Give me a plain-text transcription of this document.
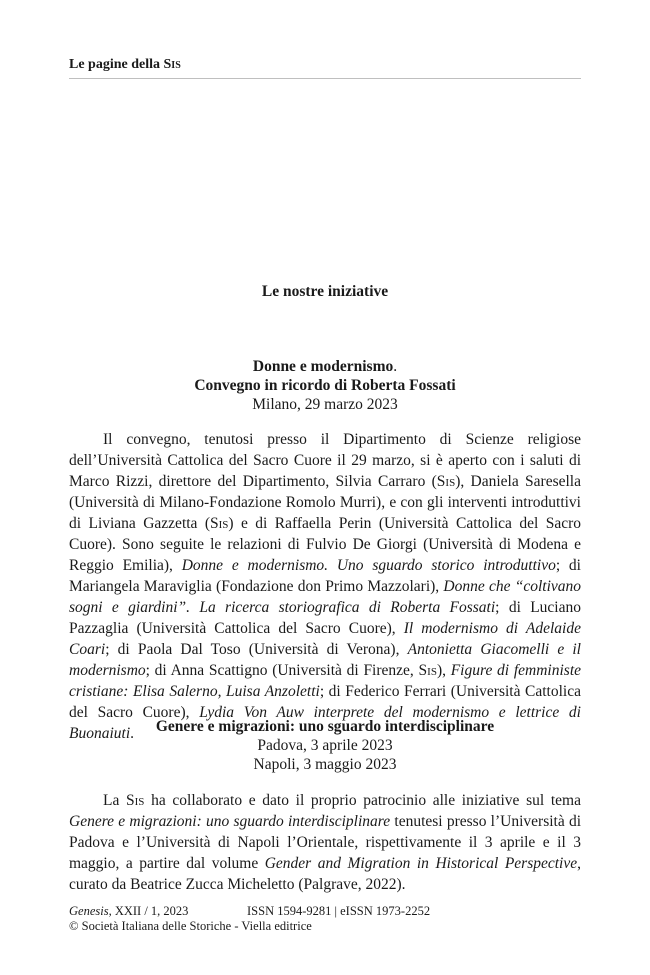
Le pagine della Sis
Le nostre iniziative
Donne e modernismo.
Convegno in ricordo di Roberta Fossati
Milano, 29 marzo 2023
Il convegno, tenutosi presso il Dipartimento di Scienze religiose dell’Università Cattolica del Sacro Cuore il 29 marzo, si è aperto con i saluti di Marco Rizzi, direttore del Dipartimento, Silvia Carraro (Sis), Daniela Saresella (Università di Milano-Fondazione Romolo Murri), e con gli interventi introduttivi di Liviana Gazzetta (Sis) e di Raffaella Perin (Università Cattolica del Sacro Cuore). Sono seguite le relazioni di Fulvio De Giorgi (Università di Modena e Reggio Emilia), Donne e modernismo. Uno sguardo storico introduttivo; di Mariangela Maraviglia (Fondazione don Primo Mazzolari), Donne che “coltivano sogni e giardini”. La ricerca storiografica di Roberta Fossati; di Luciano Pazzaglia (Università Cattolica del Sacro Cuore), Il modernismo di Adelaide Coari; di Paola Dal Toso (Università di Verona), Antonietta Giacomelli e il modernismo; di Anna Scattigno (Università di Firenze, Sis), Figure di femministe cristiane: Elisa Salerno, Luisa Anzoletti; di Federico Ferrari (Università Cattolica del Sacro Cuore), Lydia Von Auw interprete del modernismo e lettrice di Buonaiuti.	Genere e migrazioni: uno sguardo interdisciplinare
Padova, 3 aprile 2023
Napoli, 3 maggio 2023
La Sis ha collaborato e dato il proprio patrocinio alle iniziative sul tema Genere e migrazioni: uno sguardo interdisciplinare tenutesi presso l’Università di Padova e l’Università di Napoli l’Orientale, rispettivamente il 3 aprile e il 3 maggio, a partire dal volume Gender and Migration in Historical Perspective, curato da Beatrice Zucca Micheletto (Palgrave, 2022).
Genesis, XXII / 1, 2023	ISSN 1594-9281 | eISSN 1973-2252
© Società Italiana delle Storiche - Viella editrice
